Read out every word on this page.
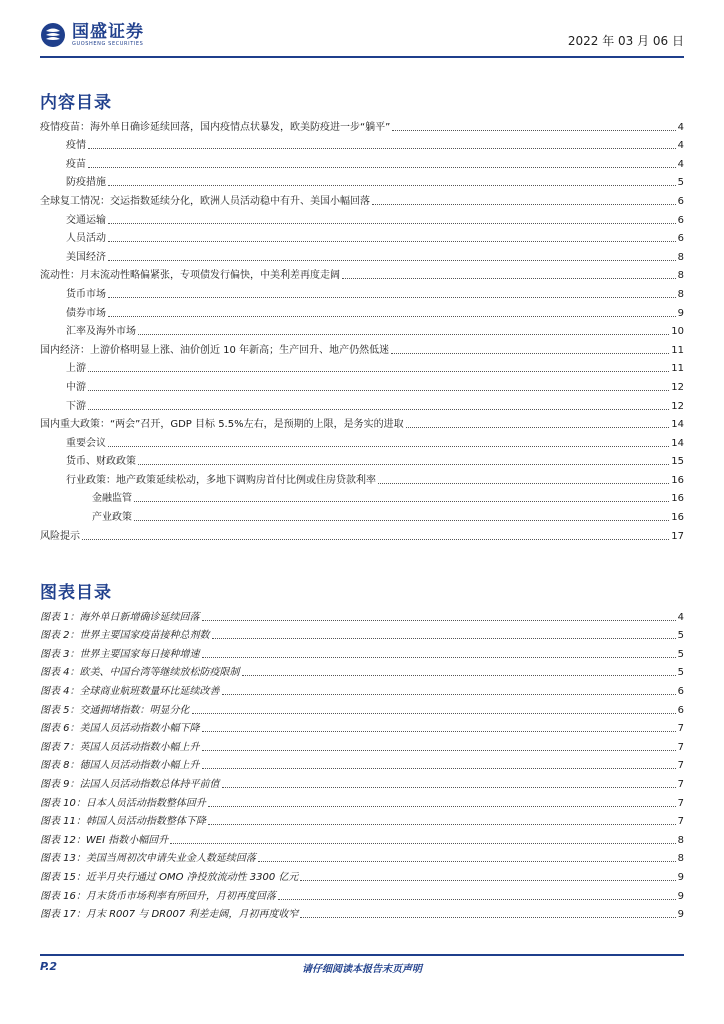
国盛证券
GUOSHENG SECURITIES	2022 年 03 月 06 日
内容目录
疫情疫苗：海外单日确诊延续回落，国内疫情点状暴发，欧美防疫进一步“躺平”	4
疫情	4
疫苗	4
防疫措施	5
全球复工情况：交运指数延续分化，欧洲人员活动稳中有升、美国小幅回落	6
交通运输	6
人员活动	6
美国经济	8
流动性：月末流动性略偏紧张，专项债发行偏快，中美利差再度走阔	8
货币市场	8
债券市场	9
汇率及海外市场	10
国内经济：上游价格明显上涨、油价创近 10 年新高；生产回升、地产仍然低迷	11
上游	11
中游	12
下游	12
国内重大政策：“两会”召开，GDP 目标 5.5%左右，是预期的上限，是务实的进取	14
重要会议	14
货币、财政政策	15
行业政策：地产政策延续松动，多地下调购房首付比例或住房贷款利率	16
金融监管	16
产业政策	16
风险提示	17
图表目录
图表 1：海外单日新增确诊延续回落	4
图表 2：世界主要国家疫苗接种总剂数	5
图表 3：世界主要国家每日接种增速	5
图表 4：欧美、中国台湾等继续放松防疫限制	5
图表 4：全球商业航班数量环比延续改善	6
图表 5：交通拥堵指数：明显分化	6
图表 6：美国人员活动指数小幅下降	7
图表 7：英国人员活动指数小幅上升	7
图表 8：德国人员活动指数小幅上升	7
图表 9：法国人员活动指数总体持平前值	7
图表 10：日本人员活动指数整体回升	7
图表 11：韩国人员活动指数整体下降	7
图表 12：WEI 指数小幅回升	8
图表 13：美国当周初次申请失业金人数延续回落	8
图表 15：近半月央行通过 OMO 净投放流动性 3300 亿元	9
图表 16：月末货币市场利率有所回升，月初再度回落	9
图表 17：月末 R007 与 DR007 利差走阔，月初再度收窄	9
请仔细阅读本报告末页声明
P.2
